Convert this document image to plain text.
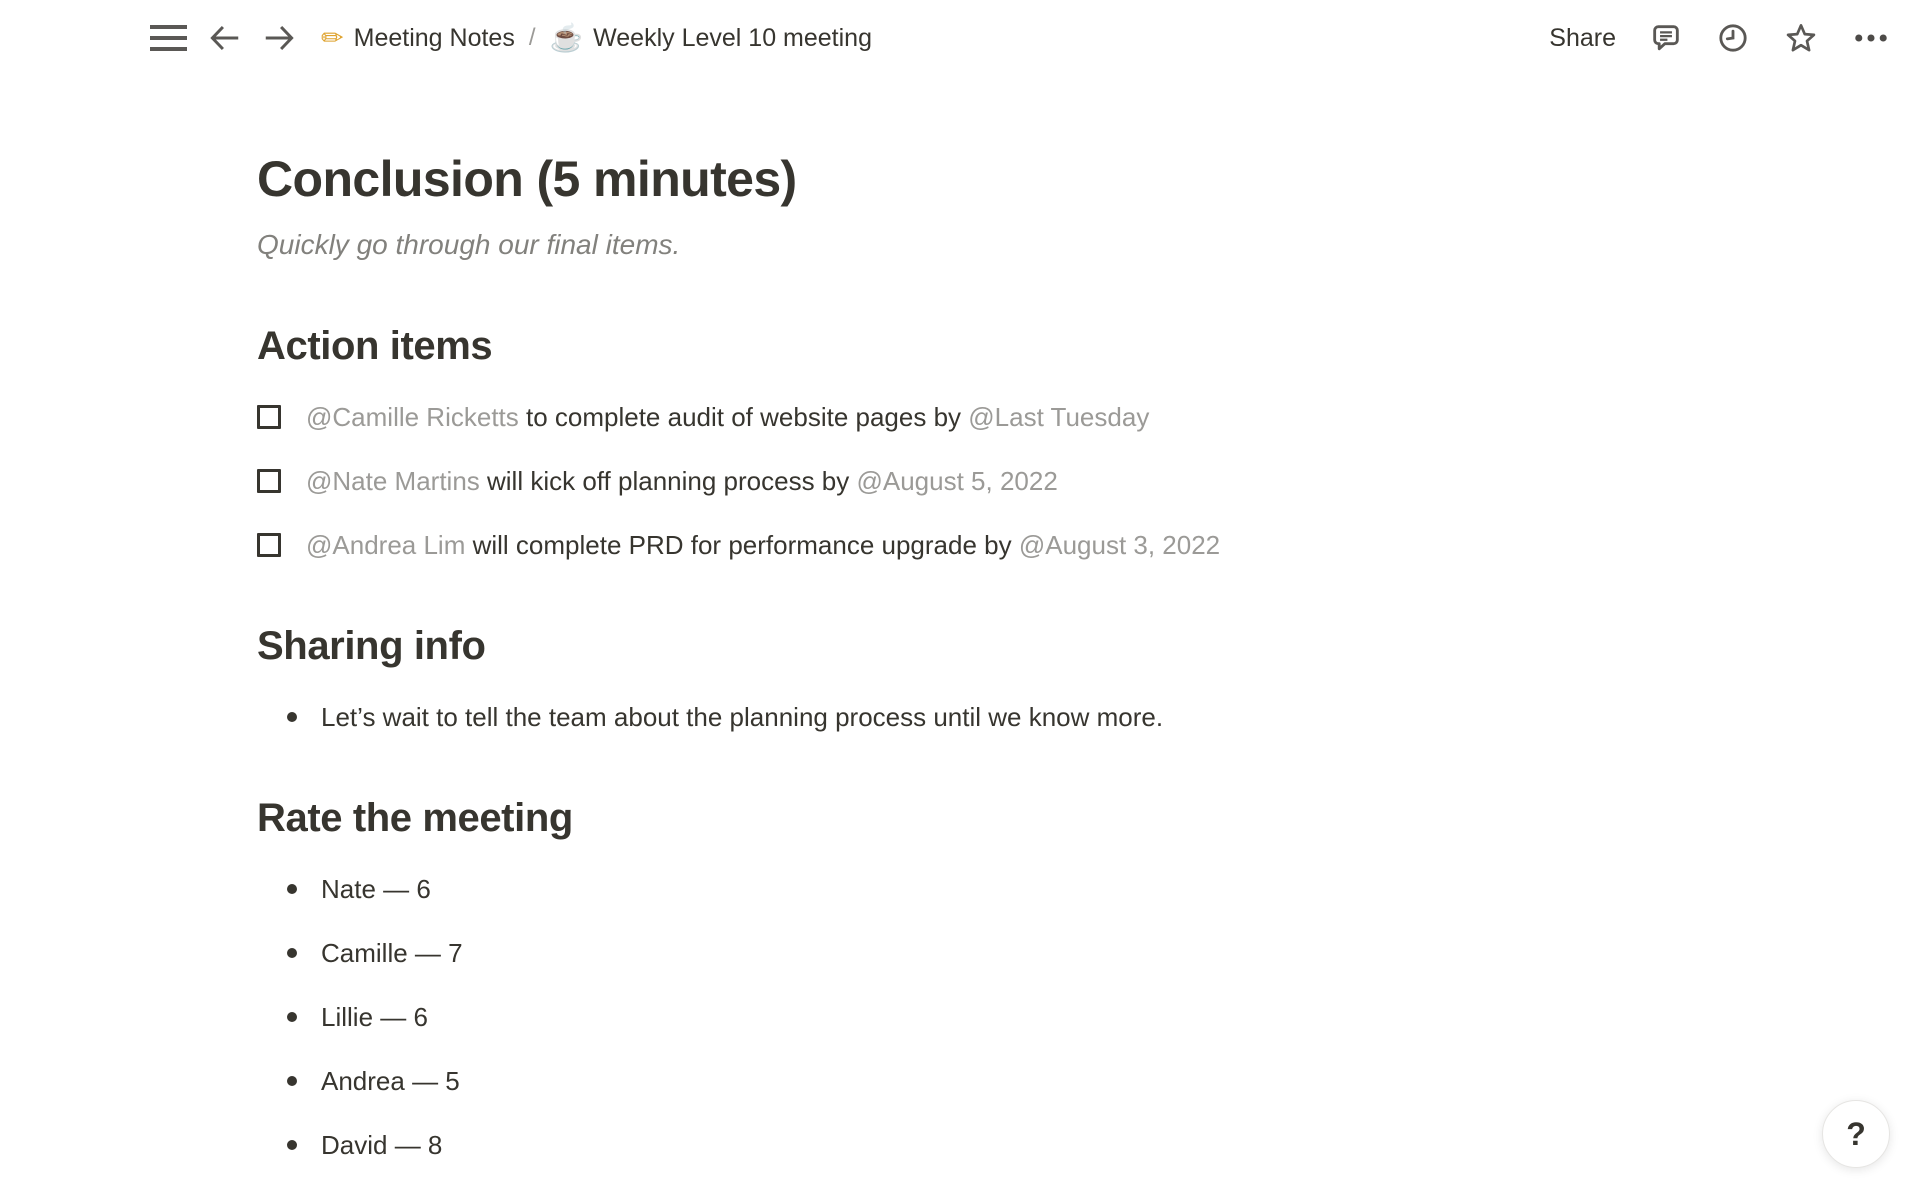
✏ Meeting Notes / ☕ Weekly Level 10 meeting	Share
Conclusion (5 minutes)

Quickly go through our final items.

Action items
@Camille Ricketts to complete audit of website pages by @Last Tuesday
@Nate Martins will kick off planning process by @August 5, 2022
@Andrea Lim will complete PRD for performance upgrade by @August 3, 2022
Sharing info
Let’s wait to tell the team about the planning process until we know more.
Rate the meeting
Nate — 6
Camille — 7
Lillie — 6
Andrea — 5
David — 8	?
